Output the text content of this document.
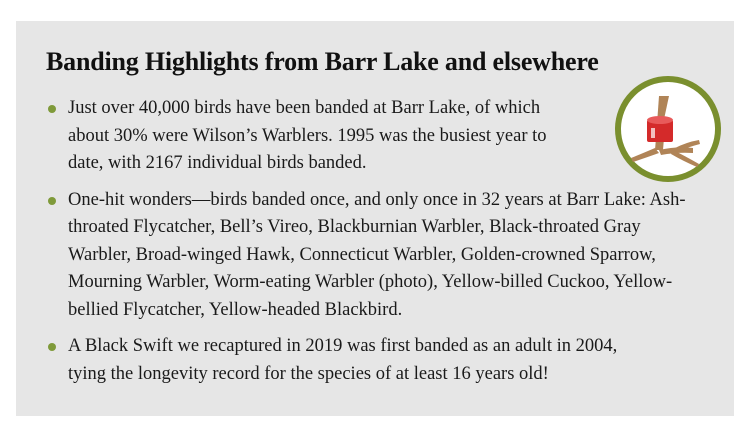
Banding Highlights from Barr Lake and elsewhere
Just over 40,000 birds have been banded at Barr Lake, of which about 30% were Wilson’s Warblers. 1995 was the busiest year to date, with 2167 individual birds banded.
One-hit wonders—birds banded once, and only once in 32 years at Barr Lake: Ash-throated Flycatcher, Bell’s Vireo, Blackburnian Warbler, Black-throated Gray Warbler, Broad-winged Hawk, Connecticut Warbler, Golden-crowned Sparrow, Mourning Warbler, Worm-eating Warbler (photo), Yellow-billed Cuckoo, Yellow-bellied Flycatcher, Yellow-headed Blackbird.
A Black Swift we recaptured in 2019 was first banded as an adult in 2004, tying the longevity record for the species of at least 16 years old!
